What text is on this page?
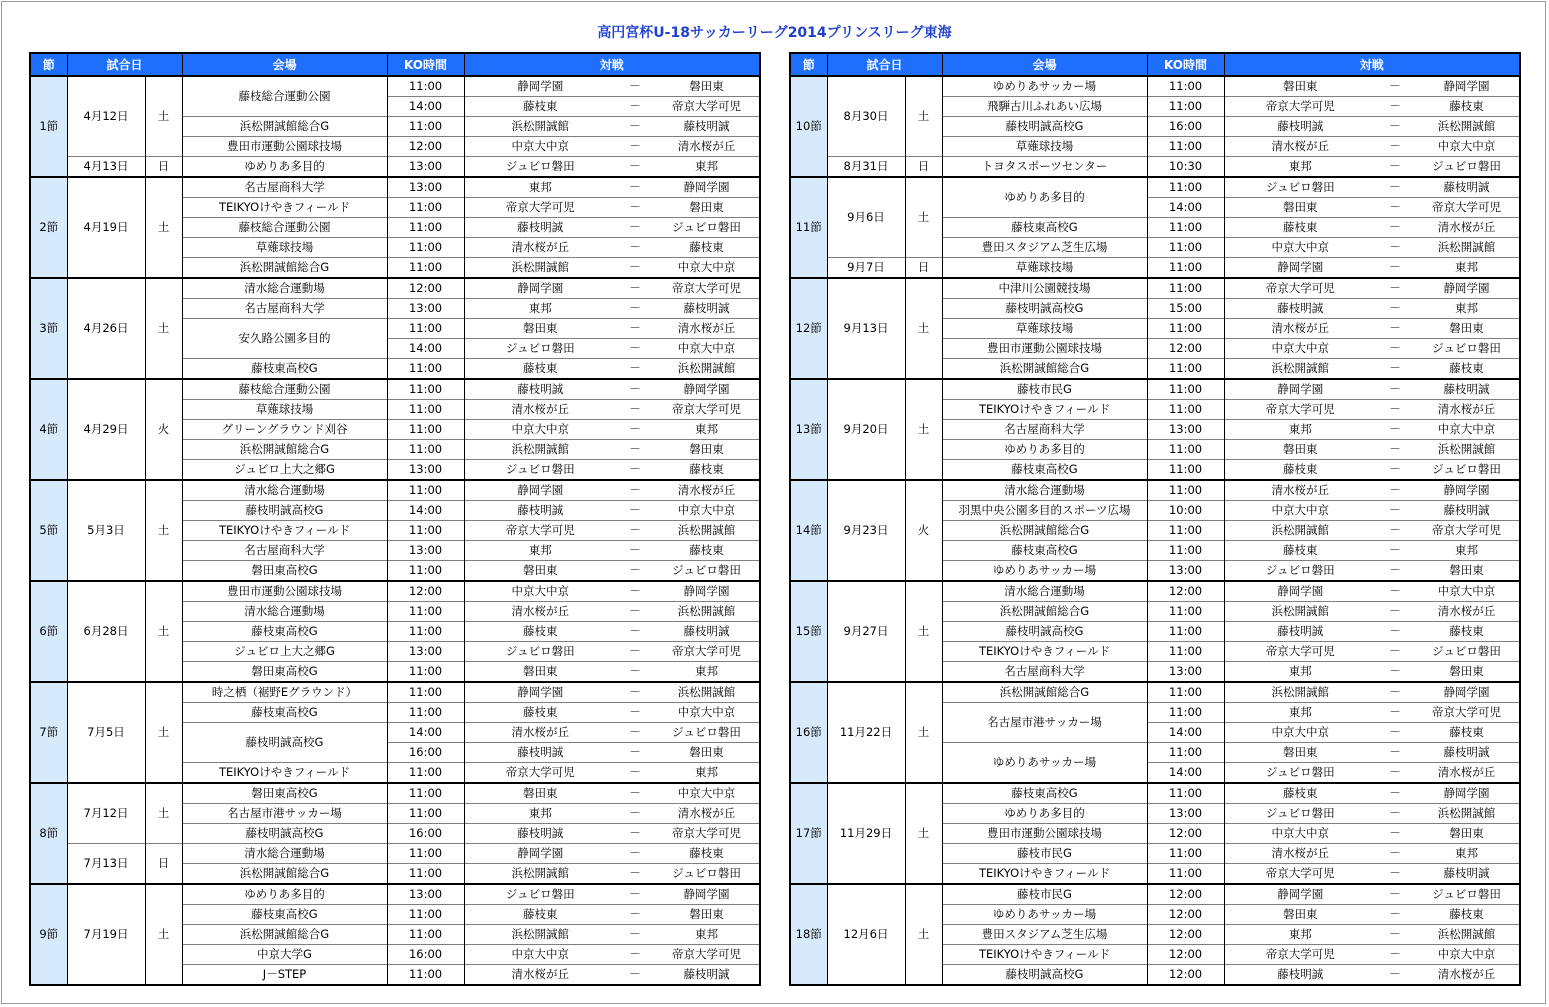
高円宮杯U-18サッカーリーグ2014プリンスリーグ東海
節	試合日		会場	KO時間	対戦		
1節	4月12日	土	藤枝総合運動公園	11:00	静岡学園	－	磐田東
				14:00	藤枝東	－	帝京大学可児
			浜松開誠館総合G	11:00	浜松開誠館	－	藤枝明誠
			豊田市運動公園球技場	12:00	中京大中京	－	清水桜が丘
	4月13日	日	ゆめりあ多目的	13:00	ジュビロ磐田	－	東邦
2節	4月19日	土	名古屋商科大学	13:00	東邦	－	静岡学園
			TEIKYOけやきフィールド	11:00	帝京大学可児	－	磐田東
			藤枝総合運動公園	11:00	藤枝明誠	－	ジュビロ磐田
			草薙球技場	11:00	清水桜が丘	－	藤枝東
			浜松開誠館総合G	11:00	浜松開誠館	－	中京大中京
3節	4月26日	土	清水総合運動場	12:00	静岡学園	－	帝京大学可児
			名古屋商科大学	13:00	東邦	－	藤枝明誠
			安久路公園多目的	11:00	磐田東	－	清水桜が丘
				14:00	ジュビロ磐田	－	中京大中京
			藤枝東高校G	11:00	藤枝東	－	浜松開誠館
4節	4月29日	火	藤枝総合運動公園	11:00	藤枝明誠	－	静岡学園
			草薙球技場	11:00	清水桜が丘	－	帝京大学可児
			グリーングラウンド刈谷	11:00	中京大中京	－	東邦
			浜松開誠館総合G	11:00	浜松開誠館	－	磐田東
			ジュビロ上大之郷G	13:00	ジュビロ磐田	－	藤枝東
5節	5月3日	土	清水総合運動場	11:00	静岡学園	－	清水桜が丘
			藤枝明誠高校G	14:00	藤枝明誠	－	中京大中京
			TEIKYOけやきフィールド	11:00	帝京大学可児	－	浜松開誠館
			名古屋商科大学	13:00	東邦	－	藤枝東
			磐田東高校G	11:00	磐田東	－	ジュビロ磐田
6節	6月28日	土	豊田市運動公園球技場	12:00	中京大中京	－	静岡学園
			清水総合運動場	11:00	清水桜が丘	－	浜松開誠館
			藤枝東高校G	11:00	藤枝東	－	藤枝明誠
			ジュビロ上大之郷G	13:00	ジュビロ磐田	－	帝京大学可児
			磐田東高校G	11:00	磐田東	－	東邦
7節	7月5日	土	時之栖（裾野Eグラウンド）	11:00	静岡学園	－	浜松開誠館
			藤枝東高校G	11:00	藤枝東	－	中京大中京
			藤枝明誠高校G	14:00	清水桜が丘	－	ジュビロ磐田
				16:00	藤枝明誠	－	磐田東
			TEIKYOけやきフィールド	11:00	帝京大学可児	－	東邦
8節	7月12日	土	磐田東高校G	11:00	磐田東	－	中京大中京
			名古屋市港サッカー場	11:00	東邦	－	清水桜が丘
			藤枝明誠高校G	16:00	藤枝明誠	－	帝京大学可児
	7月13日	日	清水総合運動場	11:00	静岡学園	－	藤枝東
			浜松開誠館総合G	11:00	浜松開誠館	－	ジュビロ磐田
9節	7月19日	土	ゆめりあ多目的	13:00	ジュビロ磐田	－	静岡学園
			藤枝東高校G	11:00	藤枝東	－	磐田東
			浜松開誠館総合G	11:00	浜松開誠館	－	東邦
			中京大学G	16:00	中京大中京	－	帝京大学可児
			J－STEP	11:00	清水桜が丘	－	藤枝明誠
節	試合日		会場	KO時間	対戦		
10節	8月30日	土	ゆめりあサッカー場	11:00	磐田東	－	静岡学園
			飛騨古川ふれあい広場	11:00	帝京大学可児	－	藤枝東
			藤枝明誠高校G	16:00	藤枝明誠	－	浜松開誠館
			草薙球技場	11:00	清水桜が丘	－	中京大中京
	8月31日	日	トヨタスポーツセンター	10:30	東邦	－	ジュビロ磐田
11節	9月6日	土	ゆめりあ多目的	11:00	ジュビロ磐田	－	藤枝明誠
				14:00	磐田東	－	帝京大学可児
			藤枝東高校G	11:00	藤枝東	－	清水桜が丘
			豊田スタジアム芝生広場	11:00	中京大中京	－	浜松開誠館
	9月7日	日	草薙球技場	11:00	静岡学園	－	東邦
12節	9月13日	土	中津川公園競技場	11:00	帝京大学可児	－	静岡学園
			藤枝明誠高校G	15:00	藤枝明誠	－	東邦
			草薙球技場	11:00	清水桜が丘	－	磐田東
			豊田市運動公園球技場	12:00	中京大中京	－	ジュビロ磐田
			浜松開誠館総合G	11:00	浜松開誠館	－	藤枝東
13節	9月20日	土	藤枝市民G	11:00	静岡学園	－	藤枝明誠
			TEIKYOけやきフィールド	11:00	帝京大学可児	－	清水桜が丘
			名古屋商科大学	13:00	東邦	－	中京大中京
			ゆめりあ多目的	11:00	磐田東	－	浜松開誠館
			藤枝東高校G	11:00	藤枝東	－	ジュビロ磐田
14節	9月23日	火	清水総合運動場	11:00	清水桜が丘	－	静岡学園
			羽黒中央公園多目的スポーツ広場	10:00	中京大中京	－	藤枝明誠
			浜松開誠館総合G	11:00	浜松開誠館	－	帝京大学可児
			藤枝東高校G	11:00	藤枝東	－	東邦
			ゆめりあサッカー場	13:00	ジュビロ磐田	－	磐田東
15節	9月27日	土	清水総合運動場	12:00	静岡学園	－	中京大中京
			浜松開誠館総合G	11:00	浜松開誠館	－	清水桜が丘
			藤枝明誠高校G	11:00	藤枝明誠	－	藤枝東
			TEIKYOけやきフィールド	11:00	帝京大学可児	－	ジュビロ磐田
			名古屋商科大学	13:00	東邦	－	磐田東
16節	11月22日	土	浜松開誠館総合G	11:00	浜松開誠館	－	静岡学園
			名古屋市港サッカー場	11:00	東邦	－	帝京大学可児
				14:00	中京大中京	－	藤枝東
			ゆめりあサッカー場	11:00	磐田東	－	藤枝明誠
				14:00	ジュビロ磐田	－	清水桜が丘
17節	11月29日	土	藤枝東高校G	11:00	藤枝東	－	静岡学園
			ゆめりあ多目的	13:00	ジュビロ磐田	－	浜松開誠館
			豊田市運動公園球技場	12:00	中京大中京	－	磐田東
			藤枝市民G	11:00	清水桜が丘	－	東邦
			TEIKYOけやきフィールド	11:00	帝京大学可児	－	藤枝明誠
18節	12月6日	土	藤枝市民G	12:00	静岡学園	－	ジュビロ磐田
			ゆめりあサッカー場	12:00	磐田東	－	藤枝東
			豊田スタジアム芝生広場	12:00	東邦	－	浜松開誠館
			TEIKYOけやきフィールド	12:00	帝京大学可児	－	中京大中京
			藤枝明誠高校G	12:00	藤枝明誠	－	清水桜が丘
